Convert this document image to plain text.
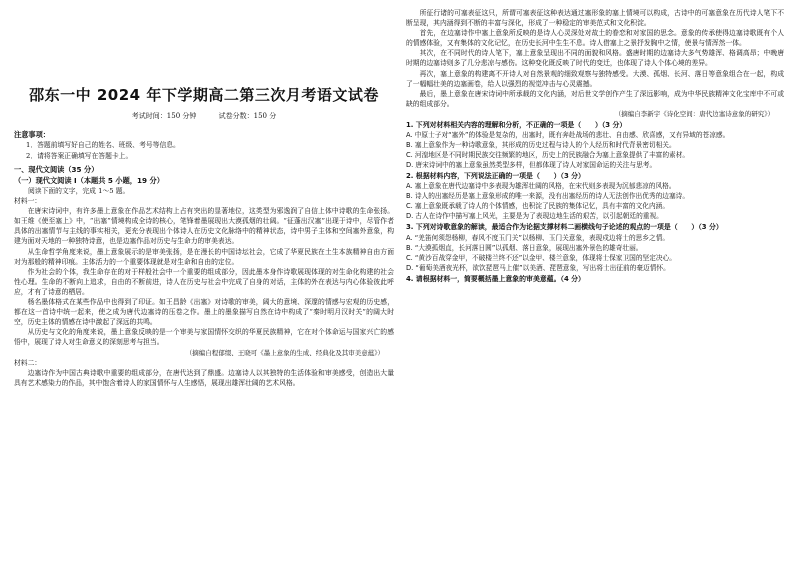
邵东一中 2024 年下学期高二第三次月考语文试卷
考试时间：150 分钟	试卷分数：150 分
注意事项：
1．答题前填写好自己的姓名、班级、考号等信息。
2．请将答案正确填写在答题卡上。
一、现代文阅读（35 分）
（一）现代文阅读 I（本题共 5 小题，19 分）
阅读下面的文字，完成 1～5 题。
材料一：

在唐宋诗词中，有许多墨上意象在作品艺术结构上占有突出的显著地位，这类型为邪逸润了自信上体中诗歌的生命张扬。如王维《使至塞上》中，“出塞”情境构成全诗的核心，笔锋着墨展现出大漠孤烟的壮阔。“征蓬出汉塞”出现于诗中，尽管作者具体的出塞情节与主线的事实相关，更充分表现出个体诗人在历史文化脉络中的精神状态，诗中男子主体和空间塞外意象，构建为面对天地的一种独特诗意，也是边塞作品对历史与生命力的审美表达。

从生命哲学角度来说，墨上意象展示的是审美张扬，是在漫长的中国诗坛社会，它成了华夏民族在土生本族精神自由方面对为那般的精神印痕。主体活力的一个重要体现就是对生命和自由的定位。

作为社会的个体，我生命存在的对于样般社会中一个重要的组成部分，因此墨本身作诗歌展现体现的对生命化构建的社会性心理。生命的不断向上追求，自由的不断前进，诗人在历史与社会中完成了自身的对话，主体的外在表达与内心体验彼此呼应，才有了诗意的栖居。

杨名墨体格式在某些作品中也得到了印证。如王昌龄《出塞》对诗歌的审美，阔大的意境、深邃的情感与宏观的历史感，都在这一首诗中统一起来，使之成为唐代边塞诗的压卷之作。墨上的墨象描写自然在诗中构成了“秦时明月汉时关”的阔大时空，历史主体的情感在诗中激起了深远的共鸣。

从历史与文化的角度来说，墨上意象反映的是一个审美与家国情怀交织的华夏民族精神，它在对个体命运与国家兴亡的感悟中，展现了诗人对生命意义的深刻思考与担当。

（摘编自程郁缀、王晓可《墨上意象的生成、经典化及其审美意蕴》）
材料二：

边塞诗作为中国古典诗歌中重要的组成部分，在唐代达到了鼎盛。边塞诗人以其独特的生活体验和审美感受，创造出大量具有艺术感染力的作品，其中饱含着诗人的家国情怀与人生感悟，展现出雄浑壮阔的艺术风格。

所征行诸的可塞表征这只，所谓可塞表征这种表达通过塞形象的塞上情境可以构成，古诗中的可塞意象在历代诗人笔下不断呈现，其内涵得到不断的丰富与深化，形成了一种稳定的审美范式和文化积淀。

首先，在边塞诗作中塞上意象所反映的是诗人心灵深处对故土的眷恋和对家国的思念。意象的传承使得边塞诗歌既有个人的情感体验，又有集体的文化记忆，在历史长河中生生不息。诗人借塞上之景抒发胸中之情，使景与情浑然一体。

其次，在不同时代的诗人笔下，塞上意象呈现出不同的面貌和风格。盛唐时期的边塞诗大多气势雄浑、格调高昂；中晚唐时期的边塞诗则多了几分悲凉与感伤。这种变化既反映了时代的变迁，也体现了诗人个体心境的差异。

再次，塞上意象的构建离不开诗人对自然景观的细致观察与独特感受。大漠、孤烟、长河、落日等意象组合在一起，构成了一幅幅壮美的边塞画卷，给人以强烈的视觉冲击与心灵震撼。

最后，墨上意象在唐宋诗词中所承载的文化内涵，对后世文学创作产生了深远影响，成为中华民族精神文化宝库中不可或缺的组成部分。

（摘编自李新宇《诗化空间：唐代边塞诗意象的研究》）
1. 下列对材料相关内容的理解和分析，不正确的一项是（　　）（3 分）
A. 中原士子对“塞外”的体验是复杂的，出塞时，既有奔赴战场的悲壮、自由感、欣喜感，又有异域的苍凉感。
B. 塞上意象作为一种诗歌意象，其形成的历史过程与诗人的个人经历和时代背景密切相关。
C. 河湟地区是不同时期民族交往频繁的地区，历史上的民族融合为塞上意象提供了丰富的素材。
D. 唐宋诗词中的塞上意象虽然类型多样，但都体现了诗人对家国命运的关注与思考。
2. 根据材料内容，下列说法正确的一项是（　　）（3 分）
A. 塞上意象在唐代边塞诗中多表现为雄浑壮阔的风格，在宋代则多表现为沉郁悲凉的风格。
B. 诗人的出塞经历是塞上意象形成的唯一来源，没有出塞经历的诗人无法创作出优秀的边塞诗。
C. 塞上意象既承载了诗人的个体情感，也积淀了民族的集体记忆，具有丰富的文化内涵。
D. 古人在诗作中描写塞上风光，主要是为了表现边地生活的艰苦，以引起朝廷的重视。
3. 下列对诗歌意象的解读，最适合作为论据支撑材料二画横线句子论述的观点的一项是（　　）（3 分）
A. “羌笛何须怨杨柳，春风不度玉门关”以杨柳、玉门关意象，表现戍边将士的思乡之情。
B. “大漠孤烟直，长河落日圆”以孤烟、落日意象，展现出塞外景色的雄奇壮丽。
C. “黄沙百战穿金甲，不破楼兰终不还”以金甲、楼兰意象，体现将士保家卫国的坚定决心。
D. “葡萄美酒夜光杯，欲饮琵琶马上催”以美酒、琵琶意象，写出将士出征前的豪迈情怀。
4. 请根据材料一，简要概括墨上意象的审美意蕴。（4 分）
